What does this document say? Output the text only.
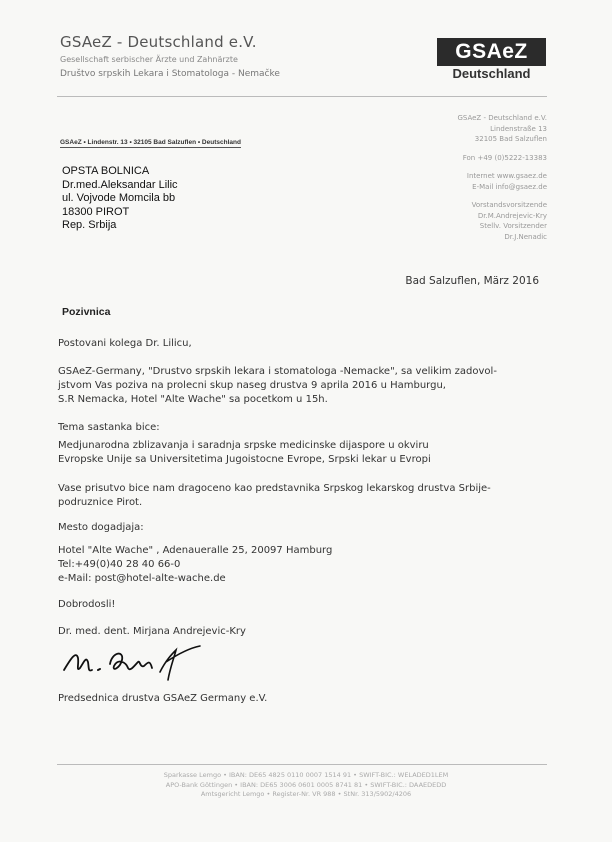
GSAeZ - Deutschland e.V.
Gesellschaft serbischer Ärzte und Zahnärzte
Društvo srpskih Lekara i Stomatologa - Nemačke
GSAeZ
Deutschland
GSAeZ • Lindenstr. 13 • 32105 Bad Salzuflen • Deutschland
OPSTA BOLNICA
Dr.med.Aleksandar Lilic
ul. Vojvode Momcila bb
18300 PIROT
Rep. Srbija
GSAeZ - Deutschland e.V.
Lindenstraße 13
32105 Bad Salzuflen
Fon +49 (0)5222-13383
Internet www.gsaez.de
E-Mail info@gsaez.de
Vorstandsvorsitzende
Dr.M.Andrejevic-Kry
Stellv. Vorsitzender
Dr.J.Nenadic
Bad Salzuflen, März 2016
Pozivnica
Postovani kolega Dr. Lilicu,
GSAeZ-Germany, "Drustvo srpskih lekara i stomatologa -Nemacke", sa velikim zadovol-
jstvom Vas poziva na prolecni skup naseg drustva 9 aprila 2016 u Hamburgu,
S.R Nemacka, Hotel "Alte Wache" sa pocetkom u 15h.
Tema sastanka bice:
Medjunarodna zblizavanja i saradnja srpske medicinske dijaspore u okviru
Evropske Unije sa Universitetima Jugoistocne Evrope, Srpski lekar u Evropi
Vase prisutvo bice nam dragoceno kao predstavnika Srpskog lekarskog drustva Srbije-
podruznice Pirot.
Mesto dogadjaja:
Hotel "Alte Wache" , Adenaueralle 25, 20097 Hamburg
Tel:+49(0)40 28 40 66-0
e-Mail: post@hotel-alte-wache.de
Dobrodosli!
Dr. med. dent. Mirjana Andrejevic-Kry
Predsednica drustva GSAeZ Germany e.V.
Sparkasse Lemgo • IBAN: DE65 4825 0110 0007 1514 91 • SWIFT-BIC.: WELADED1LEM
APO-Bank Göttingen • IBAN: DE65 3006 0601 0005 8741 81 • SWIFT-BIC.: DAAEDEDD
Amtsgericht Lemgo • Register-Nr. VR 988 • StNr. 313/5902/4206
